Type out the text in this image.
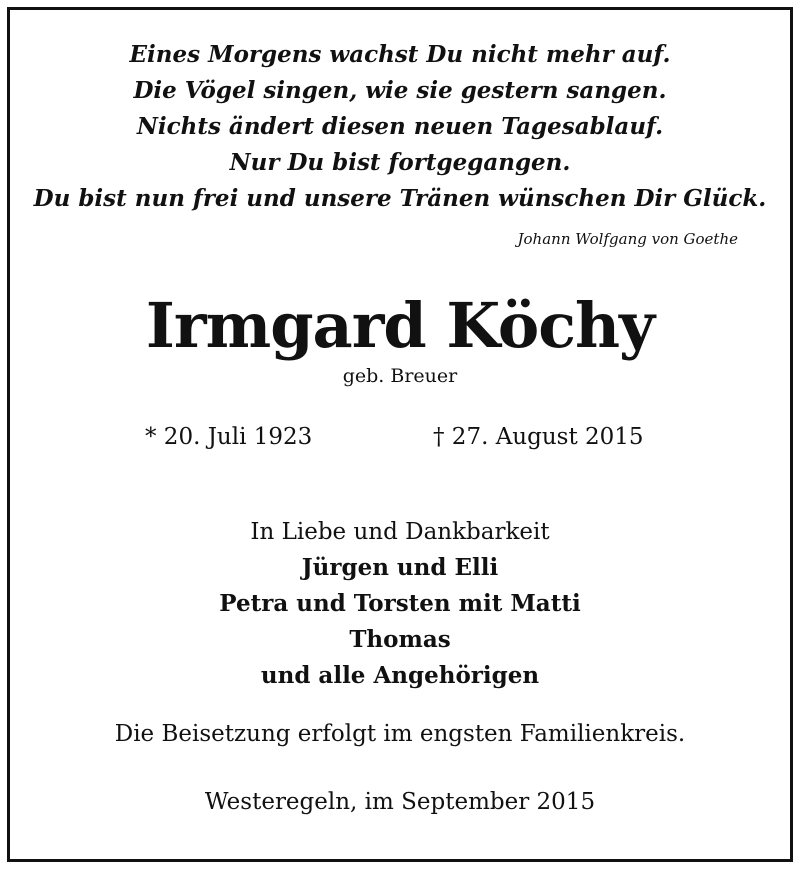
Eines Morgens wachst Du nicht mehr auf.
Die Vögel singen, wie sie gestern sangen.
Nichts ändert diesen neuen Tagesablauf.
Nur Du bist fortgegangen.
Du bist nun frei und unsere Tränen wünschen Dir Glück.
Johann Wolfgang von Goethe
Irmgard Köchy
geb. Breuer
* 20. Juli 1923	† 27. August 2015
In Liebe und Dankbarkeit
Jürgen und Elli
Petra und Torsten mit Matti
Thomas
und alle Angehörigen
Die Beisetzung erfolgt im engsten Familienkreis.
Westeregeln, im September 2015
